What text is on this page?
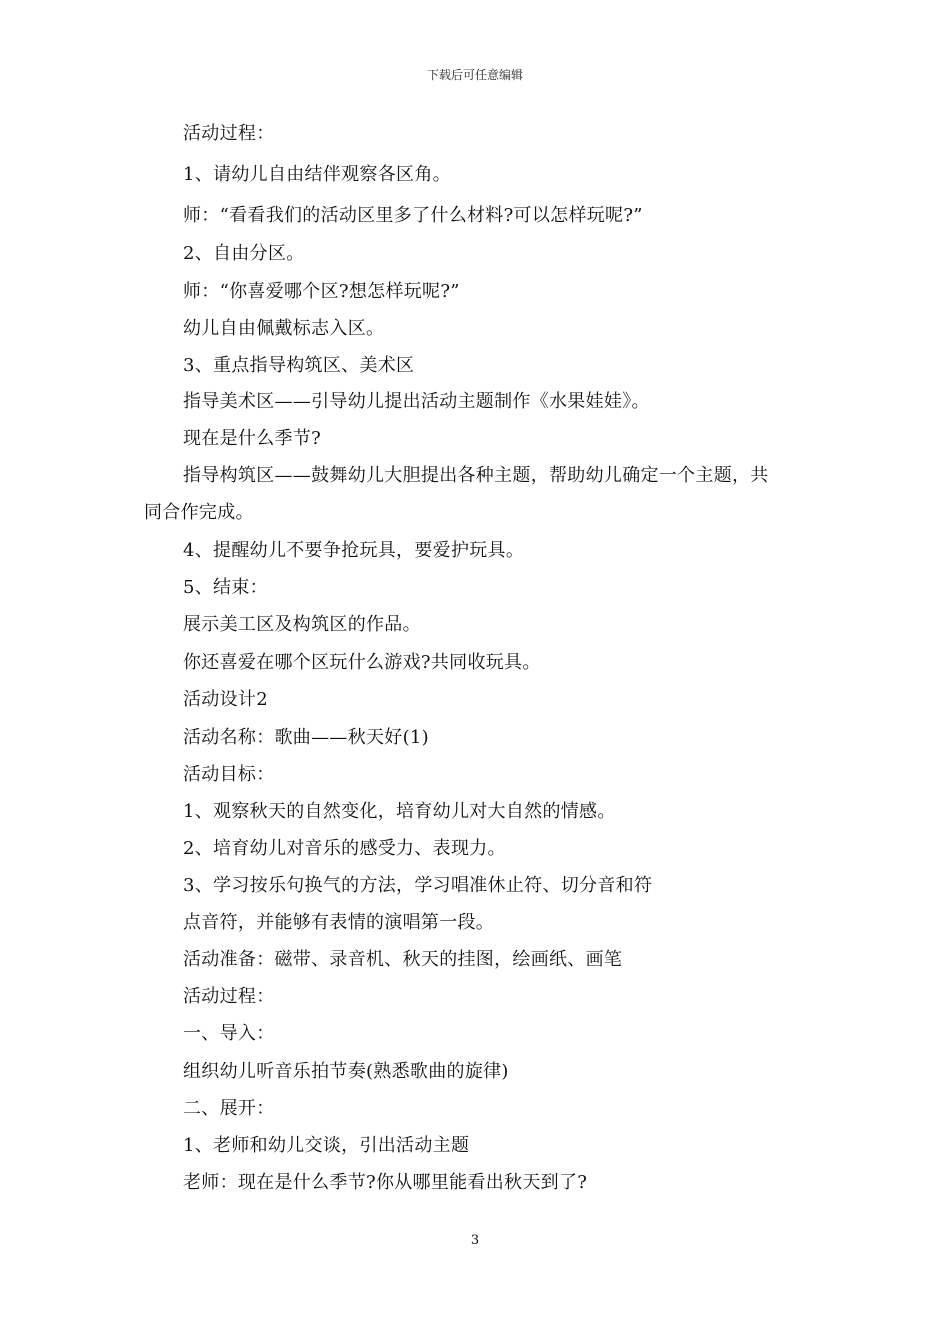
下载后可任意编辑
活动过程：
1、请幼儿自由结伴观察各区角。
师：“看看我们的活动区里多了什么材料?可以怎样玩呢?”
2、自由分区。
师：“你喜爱哪个区?想怎样玩呢?”
幼儿自由佩戴标志入区。
3、重点指导构筑区、美术区
指导美术区——引导幼儿提出活动主题制作《水果娃娃》。
现在是什么季节?
指导构筑区——鼓舞幼儿大胆提出各种主题，帮助幼儿确定一个主题，共
同合作完成。
4、提醒幼儿不要争抢玩具，要爱护玩具。
5、结束：
展示美工区及构筑区的作品。
你还喜爱在哪个区玩什么游戏?共同收玩具。
活动设计2
活动名称：歌曲——秋天好(1)
活动目标：
1、观察秋天的自然变化，培育幼儿对大自然的情感。
2、培育幼儿对音乐的感受力、表现力。
3、学习按乐句换气的方法，学习唱准休止符、切分音和符
点音符，并能够有表情的演唱第一段。
活动准备：磁带、录音机、秋天的挂图，绘画纸、画笔
活动过程：
一、导入：
组织幼儿听音乐拍节奏(熟悉歌曲的旋律)
二、展开：
1、老师和幼儿交谈，引出活动主题
老师：现在是什么季节?你从哪里能看出秋天到了?
3
